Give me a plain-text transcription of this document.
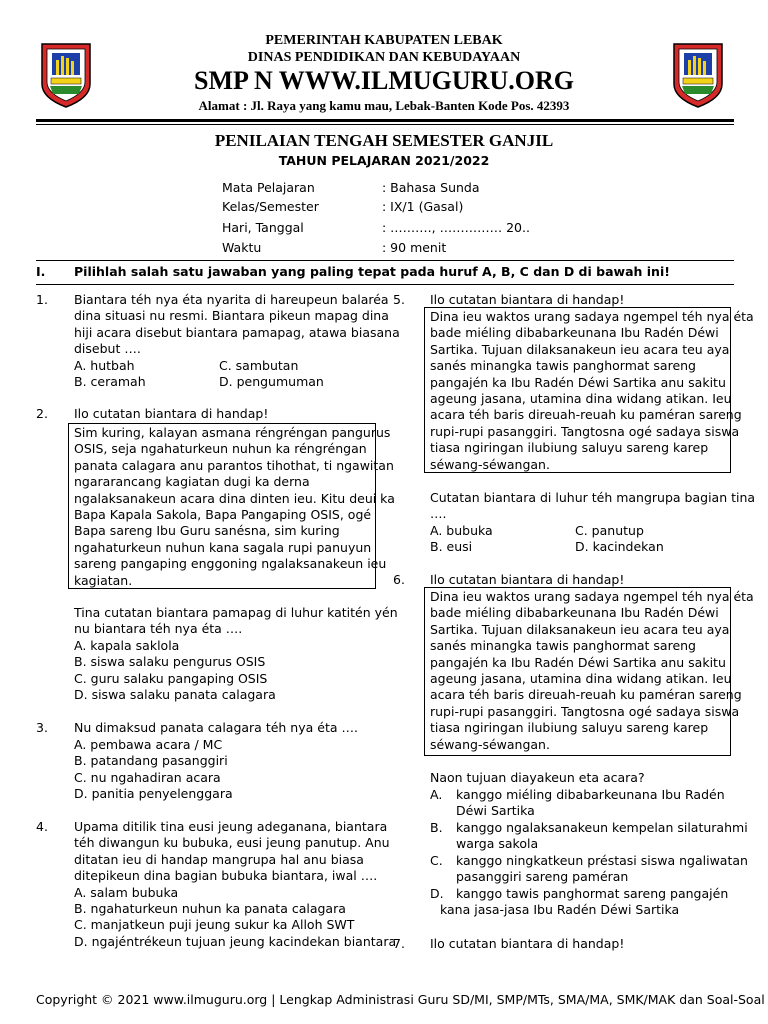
PEMERINTAH KABUPATEN LEBAK
DINAS PENDIDIKAN DAN KEBUDAYAAN
SMP N WWW.ILMUGURU.ORG
Alamat : Jl. Raya yang kamu mau, Lebak-Banten Kode Pos. 42393
PENILAIAN TENGAH SEMESTER GANJIL
TAHUN PELAJARAN 2021/2022
Mata Pelajaran	: Bahasa Sunda
Kelas/Semester	: IX/1 (Gasal)
Hari, Tanggal	: ………., …………… 20..
Waktu	: 90 menit
I. Pilihlah salah satu jawaban yang paling tepat pada huruf A, B, C dan D di bawah ini!
1. Biantara téh nya éta nyarita di hareupeun balaréa
dina situasi nu resmi. Biantara pikeun mapag dina
hiji acara disebut biantara pamapag, atawa biasana
disebut ….
A. hutbah	C. sambutan
B. ceramah	D. pengumuman
2. Ilo cutatan biantara di handap!
Sim kuring, kalayan asmana réngréngan pangurus
OSIS, seja ngahaturkeun nuhun ka réngréngan
panata calagara anu parantos tihothat, ti ngawitan
ngararancang kagiatan dugi ka derna
ngalaksanakeun acara dina dinten ieu. Kitu deui ka
Bapa Kapala Sakola, Bapa Pangaping OSIS, ogé
Bapa sareng Ibu Guru sanésna, sim kuring
ngahaturkeun nuhun kana sagala rupi panuyun
sareng pangaping enggoning ngalaksanakeun ieu
kagiatan.
Tina cutatan biantara pamapag di luhur katitén yén
nu biantara téh nya éta ….
A. kapala saklola
B. siswa salaku pengurus OSIS
C. guru salaku pangaping OSIS
D. siswa salaku panata calagara
3. Nu dimaksud panata calagara téh nya éta ….
A. pembawa acara / MC
B. patandang pasanggiri
C. nu ngahadiran acara
D. panitia penyelenggara
4. Upama ditilik tina eusi jeung adeganana, biantara
téh diwangun ku bubuka, eusi jeung panutup. Anu
ditatan ieu di handap mangrupa hal anu biasa
ditepikeun dina bagian bubuka biantara, iwal ….
A. salam bubuka
B. ngahaturkeun nuhun ka panata calagara
C. manjatkeun puji jeung sukur ka Alloh SWT
D. ngajéntrékeun tujuan jeung kacindekan biantara
5. Ilo cutatan biantara di handap!
Dina ieu waktos urang sadaya ngempel téh nya éta
bade miéling dibabarkeunana Ibu Radén Déwi
Sartika. Tujuan dilaksanakeun ieu acara teu aya
sanés minangka tawis panghormat sareng
pangajén ka Ibu Radén Déwi Sartika anu sakitu
ageung jasana, utamina dina widang atikan. Ieu
acara téh baris direuah-reuah ku paméran sareng
rupi-rupi pasanggiri. Tangtosna ogé sadaya siswa
tiasa ngiringan ilubiung saluyu sareng karep
séwang-séwangan.
Cutatan biantara di luhur téh mangrupa bagian tina
….
A. bubuka	C. panutup
B. eusi	D. kacindekan
6. Ilo cutatan biantara di handap!
Dina ieu waktos urang sadaya ngempel téh nya éta
bade miéling dibabarkeunana Ibu Radén Déwi
Sartika. Tujuan dilaksanakeun ieu acara teu aya
sanés minangka tawis panghormat sareng
pangajén ka Ibu Radén Déwi Sartika anu sakitu
ageung jasana, utamina dina widang atikan. Ieu
acara téh baris direuah-reuah ku paméran sareng
rupi-rupi pasanggiri. Tangtosna ogé sadaya siswa
tiasa ngiringan ilubiung saluyu sareng karep
séwang-séwangan.
Naon tujuan diayakeun eta acara?
A. kanggo miéling dibabarkeunana Ibu Radén
Déwi Sartika
B. kanggo ngalaksanakeun kempelan silaturahmi
warga sakola
C. kanggo ningkatkeun préstasi siswa ngaliwatan
pasanggiri sareng paméran
D. kanggo tawis panghormat sareng pangajén
kana jasa-jasa Ibu Radén Déwi Sartika
7. Ilo cutatan biantara di handap!
Copyright © 2021 www.ilmuguru.org | Lengkap Administrasi Guru SD/MI, SMP/MTs, SMA/MA, SMK/MAK dan Soal-Soal
